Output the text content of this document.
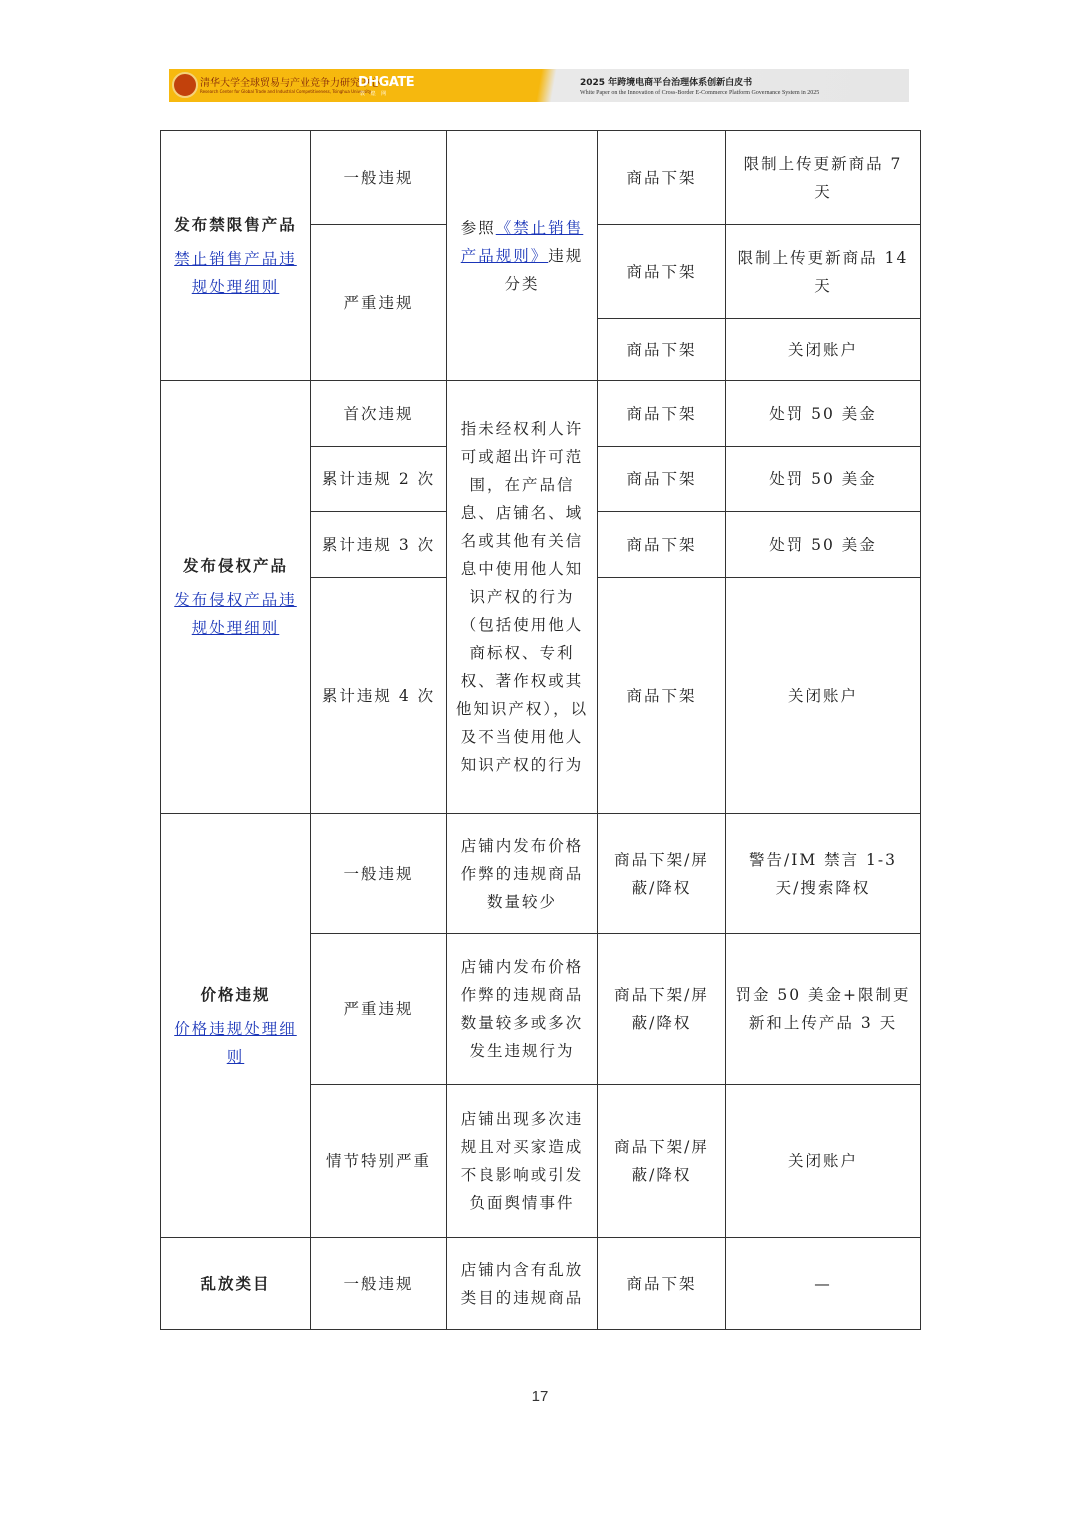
清华大学全球贸易与产业竞争力研究中心
Research Center for Global Trade and Industrial Competitiveness, Tsinghua University
DHGATE
敦 煌 网
2025 年跨境电商平台治理体系创新白皮书
White Paper on the Innovation of Cross-Border E-Commerce Platform Governance System in 2025
发布禁限售产品
禁止销售产品违规处理细则	一般违规	参照《禁止销售产品规则》违规分类	商品下架	限制上传更新商品 7 天
	严重违规		商品下架	限制上传更新商品 14 天
			商品下架	关闭账户

发布侵权产品
发布侵权产品违规处理细则	首次违规	指未经权利人许可或超出许可范围，在产品信息、店铺名、域名或其他有关信息中使用他人知识产权的行为（包括使用他人商标权、专利权、著作权或其他知识产权），以及不当使用他人知识产权的行为	商品下架	处罚 50 美金
	累计违规 2 次		商品下架	处罚 50 美金
	累计违规 3 次		商品下架	处罚 50 美金
	累计违规 4 次		商品下架	关闭账户

价格违规
价格违规处理细则	一般违规	店铺内发布价格作弊的违规商品数量较少	商品下架/屏蔽/降权	警告/IM 禁言 1-3 天/搜索降权
	严重违规	店铺内发布价格作弊的违规商品数量较多或多次发生违规行为	商品下架/屏蔽/降权	罚金 50 美金+限制更新和上传产品 3 天
	情节特别严重	店铺出现多次违规且对买家造成不良影响或引发负面舆情事件	商品下架/屏蔽/降权	关闭账户

乱放类目	一般违规	店铺内含有乱放类目的违规商品	商品下架	—
17
